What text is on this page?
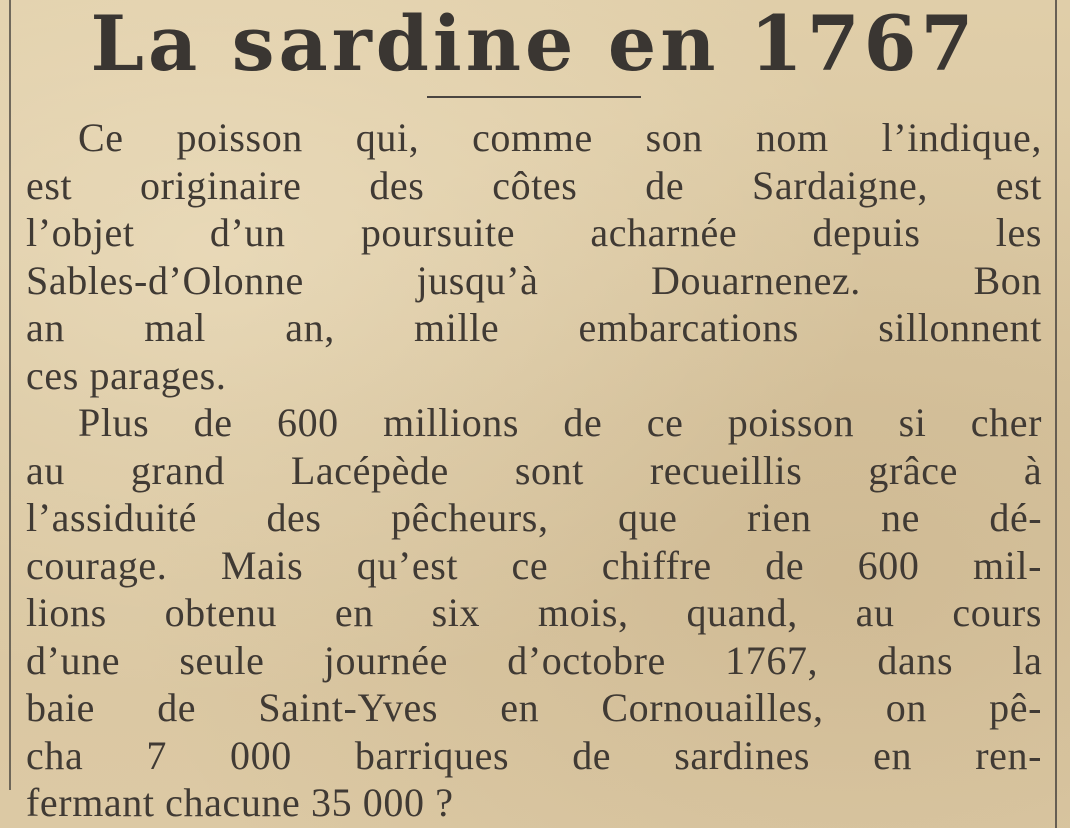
La sardine en 1767
Ce poisson qui, comme son nom l’indique,
est originaire des côtes de Sardaigne, est
l’objet d’un poursuite acharnée depuis les
Sables-d’Olonne jusqu’à Douarnenez. Bon
an mal an, mille embarcations sillonnent
ces parages.
Plus de 600 millions de ce poisson si cher
au grand Lacépède sont recueillis grâce à
l’assiduité des pêcheurs, que rien ne dé-
courage. Mais qu’est ce chiffre de 600 mil-
lions obtenu en six mois, quand, au cours
d’une seule journée d’octobre 1767, dans la
baie de Saint-Yves en Cornouailles, on pê-
cha 7 000 barriques de sardines en ren-
fermant chacune 35 000 ?
